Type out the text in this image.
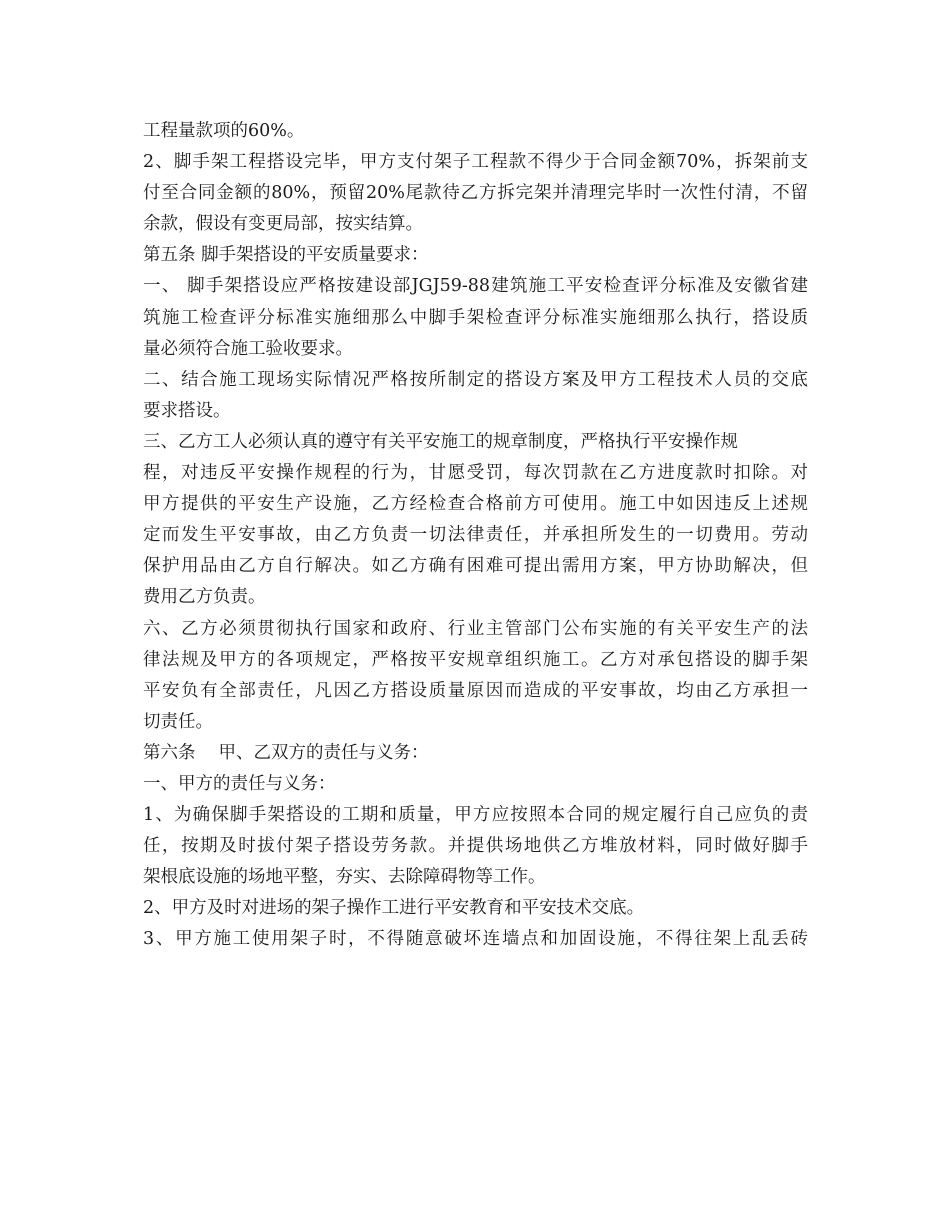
工程量款项的60%。
2、脚手架工程搭设完毕，甲方支付架子工程款不得少于合同金额70%，拆架前支
付至合同金额的80%，预留20%尾款待乙方拆完架并清理完毕时一次性付清，不留
余款，假设有变更局部，按实结算。
第五条 脚手架搭设的平安质量要求：
一、 脚手架搭设应严格按建设部JGJ59-88建筑施工平安检查评分标准及安徽省建
筑施工检查评分标准实施细那么中脚手架检查评分标准实施细那么执行，搭设质
量必须符合施工验收要求。
二、结合施工现场实际情况严格按所制定的搭设方案及甲方工程技术人员的交底
要求搭设。
三、乙方工人必须认真的遵守有关平安施工的规章制度，严格执行平安操作规
程，对违反平安操作规程的行为，甘愿受罚，每次罚款在乙方进度款时扣除。对
甲方提供的平安生产设施，乙方经检查合格前方可使用。施工中如因违反上述规
定而发生平安事故，由乙方负责一切法律责任，并承担所发生的一切费用。劳动
保护用品由乙方自行解决。如乙方确有困难可提出需用方案，甲方协助解决，但
费用乙方负责。
六、乙方必须贯彻执行国家和政府、行业主管部门公布实施的有关平安生产的法
律法规及甲方的各项规定，严格按平安规章组织施工。乙方对承包搭设的脚手架
平安负有全部责任，凡因乙方搭设质量原因而造成的平安事故，均由乙方承担一
切责任。
第六条　 甲、乙双方的责任与义务：
一、甲方的责任与义务：
1、为确保脚手架搭设的工期和质量，甲方应按照本合同的规定履行自己应负的责
任，按期及时拔付架子搭设劳务款。并提供场地供乙方堆放材料，同时做好脚手
架根底设施的场地平整，夯实、去除障碍物等工作。
2、甲方及时对进场的架子操作工进行平安教育和平安技术交底。
3、甲方施工使用架子时，不得随意破坏连墙点和加固设施，不得往架上乱丢砖
